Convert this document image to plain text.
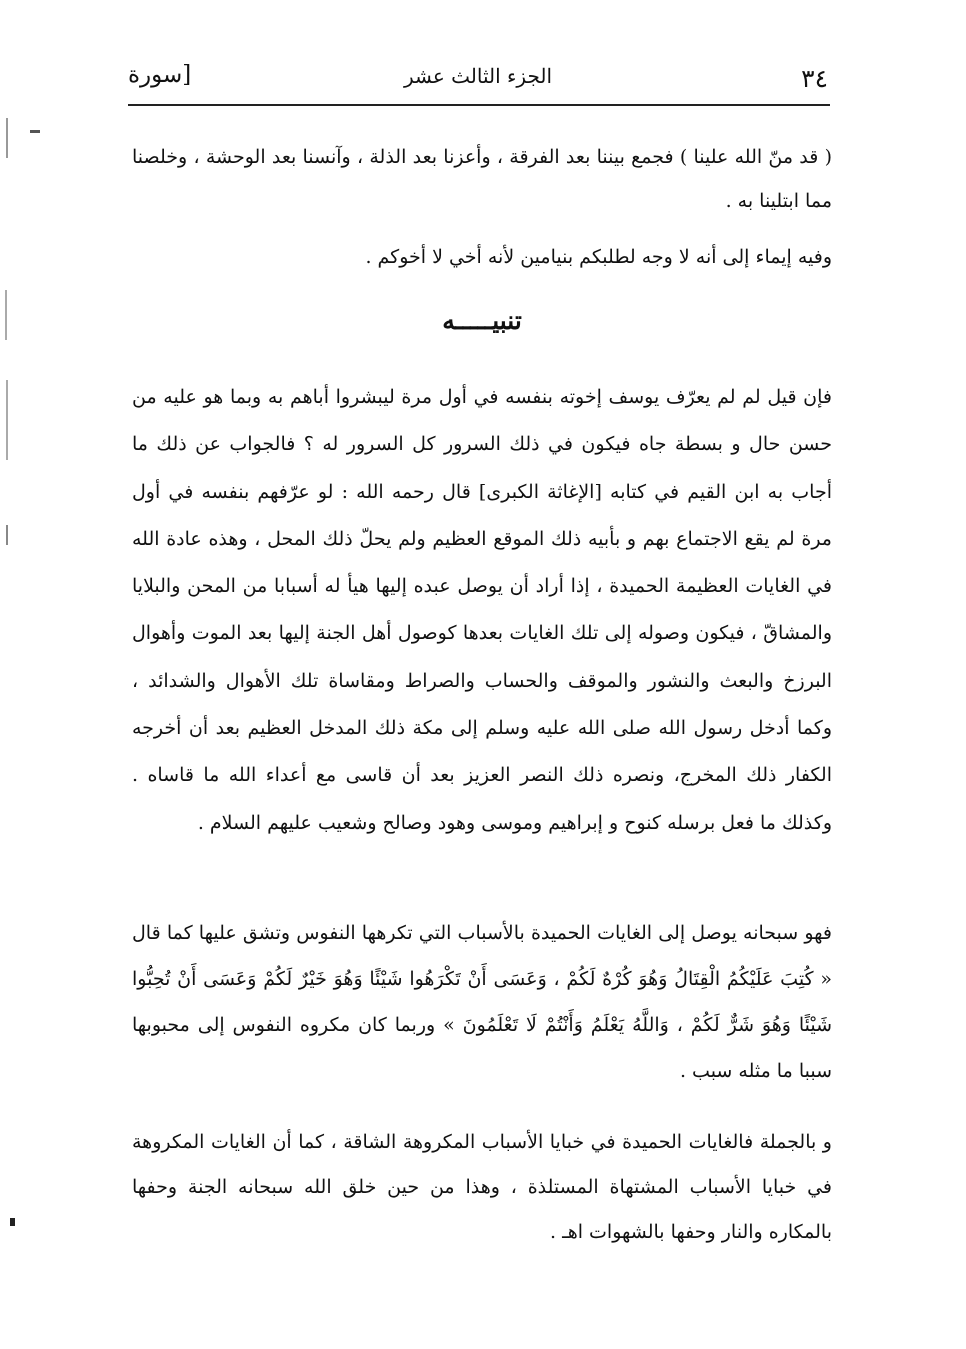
٣٤
الجزء الثالث عشر
[سورة
( قد منّ الله علينا ) فجمع بيننا بعد الفرقة ، وأعزنا بعد الذلة ، وآنسنا بعد الوحشة ، وخلصنا مما ابتلينا به .
وفيه إيماء إلى أنه لا وجه لطلبكم بنيامين لأنه أخي لا أخوكم .
تنبيـــــه
فإن قيل لم لم يعرّف يوسف إخوته بنفسه في أول مرة ليبشروا أباهم به وبما هو عليه من حسن حال و بسطة جاه فيكون في ذلك السرور كل السرور له ؟ فالجواب عن ذلك ما أجاب به ابن القيم في كتابه [الإغاثة الكبرى] قال رحمه الله : لو عرّفهم بنفسه في أول مرة لم يقع الاجتماع بهم و بأبيه ذلك الموقع العظيم ولم يحلّ ذلك المحل ، وهذه عادة الله في الغايات العظيمة الحميدة ، إذا أراد أن يوصل عبده إليها هيأ له أسبابا من المحن والبلايا والمشاقّ ، فيكون وصوله إلى تلك الغايات بعدها كوصول أهل الجنة إليها بعد الموت وأهوال البرزخ والبعث والنشور والموقف والحساب والصراط ومقاساة تلك الأهوال والشدائد ، وكما أدخل رسول الله صلى الله عليه وسلم إلى مكة ذلك المدخل العظيم بعد أن أخرجه الكفار ذلك المخرج، ونصره ذلك النصر العزيز بعد أن قاسى مع أعداء الله ما قاساه . وكذلك ما فعل برسله كنوح و إبراهيم وموسى وهود وصالح وشعيب عليهم السلام .
فهو سبحانه يوصل إلى الغايات الحميدة بالأسباب التي تكرهها النفوس وتشق عليها كما قال « كُتِبَ عَلَيْكُمُ الْقِتَالُ وَهُوَ كُرْهٌ لَكُمْ ، وَعَسَى أَنْ تَكْرَهُوا شَيْئًا وَهُوَ خَيْرٌ لَكُمْ وَعَسَى أَنْ تُحِبُّوا شَيْئًا وَهُوَ شَرٌّ لَكُمْ ، وَاللَّهُ يَعْلَمُ وَأَنْتُمْ لَا تَعْلَمُونَ » وربما كان مكروه النفوس إلى محبوبها سببا ما مثله سبب .
و بالجملة فالغايات الحميدة في خبايا الأسباب المكروهة الشاقة ، كما أن الغايات المكروهة في خبايا الأسباب المشتهاة المستلذة ، وهذا من حين خلق الله سبحانه الجنة وحفها بالمكاره والنار وحفها بالشهوات اهـ .
